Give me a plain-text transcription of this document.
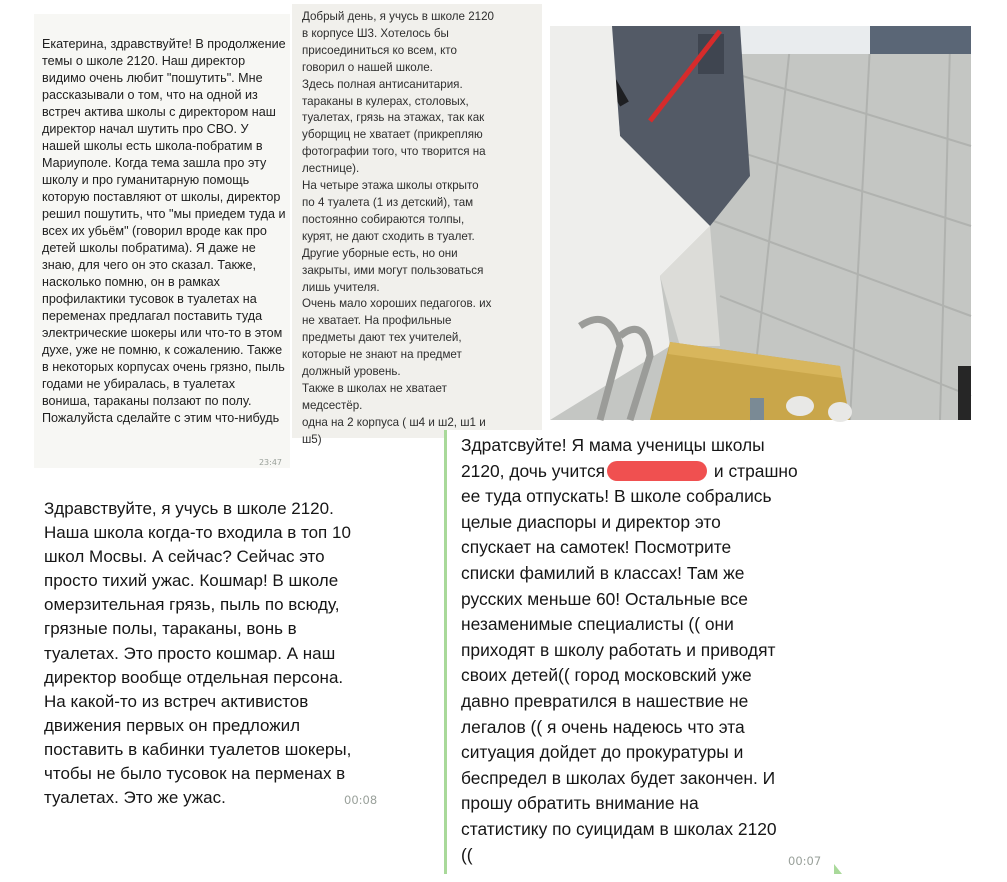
Екатерина, здравствуйте! В продолжение темы о школе 2120. Наш директор видимо очень любит "пошутить". Мне рассказывали о том, что на одной из встреч актива школы с директором наш директор начал шутить про СВО. У нашей школы есть школа-побратим в Мариуполе. Когда тема зашла про эту школу и про гуманитарную помощь которую поставляют от школы, директор решил пошутить, что "мы приедем туда и всех их убьём" (говорил вроде как про детей школы побратима). Я даже не знаю, для чего он это сказал. Также, насколько помню, он в рамках профилактики тусовок в туалетах на переменах предлагал поставить туда электрические шокеры или что-то в этом духе, уже не помню, к сожалению. Также в некоторых корпусах очень грязно, пыль годами не убиралась, в туалетах вониша, тараканы ползают по полу. Пожалуйста сделайте с этим что-нибудь
23:47
Добрый день, я учусь в школе 2120
в корпусе Ш3. Хотелось бы
присоединиться ко всем, кто
говорил о нашей школе.
Здесь полная антисанитария.
тараканы в кулерах, столовых,
туалетах, грязь на этажах, так как
уборщиц не хватает (прикрепляю
фотографии того, что творится на
лестнице).
На четыре этажа школы открыто
по 4 туалета (1 из детский), там
постоянно собираются толпы,
курят, не дают сходить в туалет.
Другие уборные есть, но они
закрыты, ими могут пользоваться
лишь учителя.
Очень мало хороших педагогов. их
не хватает. На профильные
предметы дают тех учителей,
которые не знают на предмет
должный уровень.
Также в школах не хватает
медсестёр.
одна на 2 корпуса ( ш4 и ш2, ш1 и
ш5)
Здравствуйте, я учусь в школе 2120.
Наша школа когда-то входила в топ 10
школ Мосвы. А сейчас? Сейчас это
просто тихий ужас. Кошмар! В школе
омерзительная грязь, пыль по всюду,
грязные полы, тараканы, вонь в
туалетах. Это просто кошмар. А наш
директор вообще отдельная персона.
На какой-то из встреч активистов
движения первых он предложил
поставить в кабинки туалетов шокеры,
чтобы не было тусовок на перменах в
туалетах. Это же ужас.	00:08
Здратсвуйте! Я мама ученицы школы
2120, дочь учится	и страшно
ее туда отпускать! В школе собрались
целые диаспоры и директор это
спускает на самотек! Посмотрите
списки фамилий в классах! Там же
русских меньше 60! Остальные все
незаменимые специалисты (( они
приходят в школу работать и приводят
своих детей(( город московский уже
давно превратился в нашествие не
легалов (( я очень надеюсь что эта
ситуация дойдет до прокуратуры и
беспредел в школах будет закончен. И
прошу обратить внимание на
статистику по суицидам в школах 2120
((	00:07
